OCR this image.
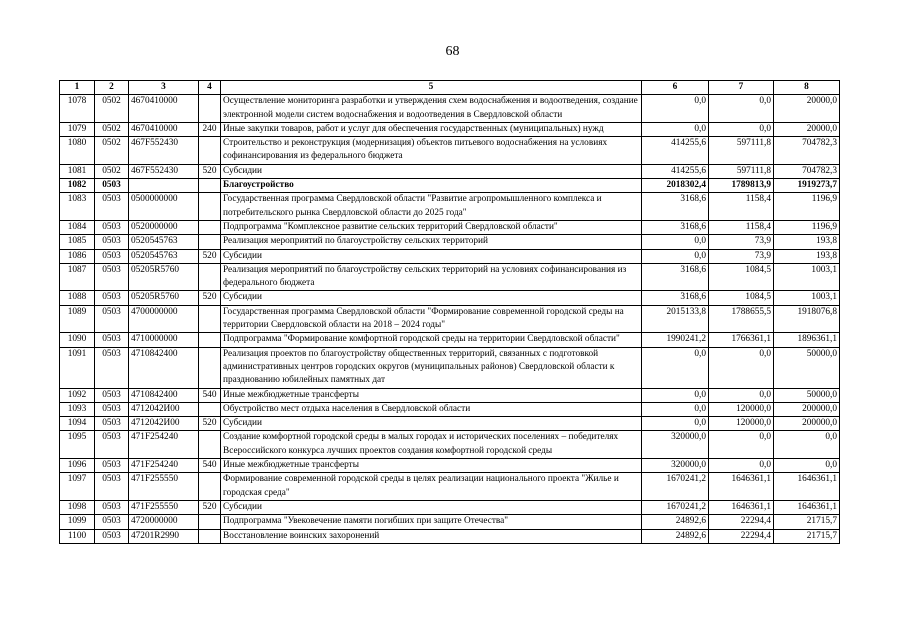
68
1	2	3	4	5	6	7	8
1078	0502	4670410000		Осуществление мониторинга разработки и утверждения схем водоснабжения и водоотведения, создание электронной модели систем водоснабжения и водоотведения в Свердловской области	0,0	0,0	20000,0
1079	0502	4670410000	240	Иные закупки товаров, работ и услуг для обеспечения государственных (муниципальных) нужд	0,0	0,0	20000,0
1080	0502	467F552430		Строительство и реконструкция (модернизация) объектов питьевого водоснабжения на условиях софинансирования из федерального бюджета	414255,6	597111,8	704782,3
1081	0502	467F552430	520	Субсидии	414255,6	597111,8	704782,3
1082	0503			Благоустройство	2018302,4	1789813,9	1919273,7
1083	0503	0500000000		Государственная программа Свердловской области "Развитие агропромышленного комплекса и потребительского рынка Свердловской области до 2025 года"	3168,6	1158,4	1196,9
1084	0503	0520000000		Подпрограмма "Комплексное развитие сельских территорий Свердловской области"	3168,6	1158,4	1196,9
1085	0503	0520545763		Реализация мероприятий по благоустройству сельских территорий	0,0	73,9	193,8
1086	0503	0520545763	520	Субсидии	0,0	73,9	193,8
1087	0503	05205R5760		Реализация мероприятий по благоустройству сельских территорий на условиях софинансирования из федерального бюджета	3168,6	1084,5	1003,1
1088	0503	05205R5760	520	Субсидии	3168,6	1084,5	1003,1
1089	0503	4700000000		Государственная программа Свердловской области "Формирование современной городской среды на территории Свердловской области на 2018 – 2024 годы"	2015133,8	1788655,5	1918076,8
1090	0503	4710000000		Подпрограмма "Формирование комфортной городской среды на территории Свердловской области"	1990241,2	1766361,1	1896361,1
1091	0503	4710842400		Реализация проектов по благоустройству общественных территорий, связанных с подготовкой административных центров городских округов (муниципальных районов) Свердловской области к празднованию юбилейных памятных дат	0,0	0,0	50000,0
1092	0503	4710842400	540	Иные межбюджетные трансферты	0,0	0,0	50000,0
1093	0503	4712042И00		Обустройство мест отдыха населения в Свердловской области	0,0	120000,0	200000,0
1094	0503	4712042И00	520	Субсидии	0,0	120000,0	200000,0
1095	0503	471F254240		Создание комфортной городской среды в малых городах и исторических поселениях – победителях Всероссийского конкурса лучших проектов создания комфортной городской среды	320000,0	0,0	0,0
1096	0503	471F254240	540	Иные межбюджетные трансферты	320000,0	0,0	0,0
1097	0503	471F255550		Формирование современной городской среды в целях реализации национального проекта "Жилье и городская среда"	1670241,2	1646361,1	1646361,1
1098	0503	471F255550	520	Субсидии	1670241,2	1646361,1	1646361,1
1099	0503	4720000000		Подпрограмма "Увековечение памяти погибших при защите Отечества"	24892,6	22294,4	21715,7
1100	0503	47201R2990		Восстановление воинских захоронений	24892,6	22294,4	21715,7
